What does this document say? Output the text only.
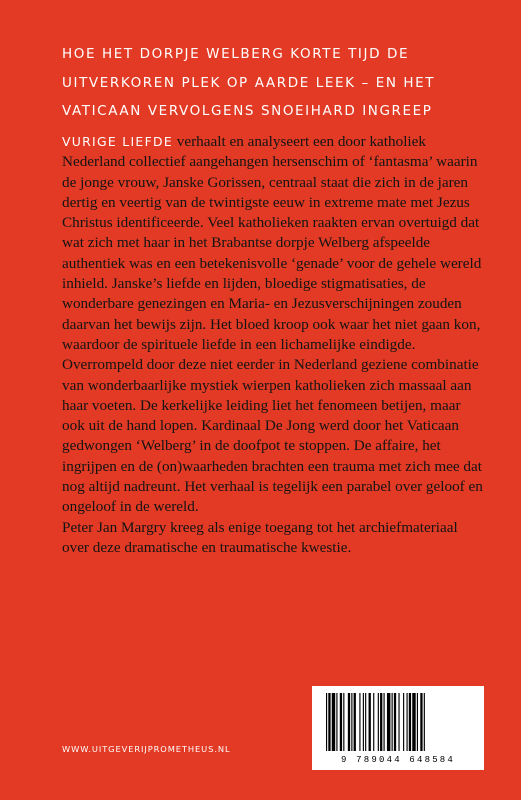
HOE HET DORPJE WELBERG KORTE TIJD DE
UITVERKOREN PLEK OP AARDE LEEK – EN HET
VATICAAN VERVOLGENS SNOEIHARD INGREEP

VURIGE LIEFDE verhaalt en analyseert een door katholiek Nederland collectief aangehangen hersenschim of ‘fantasma’ waarin de jonge vrouw, Janske Gorissen, centraal staat die zich in de jaren dertig en veertig van de twintigste eeuw in extreme mate met Jezus Christus identificeerde. Veel katholieken raakten ervan overtuigd dat wat zich met haar in het Brabantse dorpje Welberg afspeelde authentiek was en een betekenisvolle ‘genade’ voor de gehele wereld inhield. Janske’s liefde en lijden, bloedige stigmatisaties, de wonderbare genezingen en Maria- en Jezusverschijningen zouden daarvan het bewijs zijn. Het bloed kroop ook waar het niet gaan kon, waardoor de spirituele liefde in een lichamelijke eindigde.

Overrompeld door deze niet eerder in Nederland geziene combinatie van wonderbaarlijke mystiek wierpen katholieken zich massaal aan haar voeten. De kerkelijke leiding liet het fenomeen betijen, maar ook uit de hand lopen. Kardinaal De Jong werd door het Vaticaan gedwongen ‘Welberg’ in de doofpot te stoppen. De affaire, het ingrijpen en de (on)waarheden brachten een trauma met zich mee dat nog altijd nadreunt. Het verhaal is tegelijk een parabel over geloof en ongeloof in de wereld.

Peter Jan Margry kreeg als enige toegang tot het archiefmateriaal over deze dramatische en traumatische kwestie.

WWW.UITGEVERIJPROMETHEUS.NL
9 789044 648584
